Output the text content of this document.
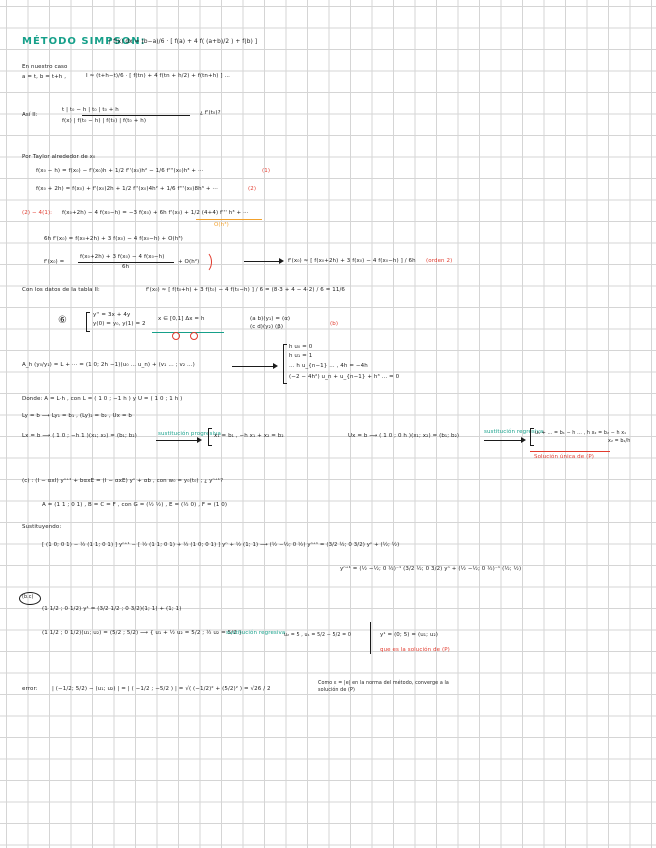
MÉTODO SIMPSON:
∫ f(x) dx ≈ (b−a)/6 · [ f(a) + 4 f( (a+b)/2 ) + f(b) ]
En nuestro caso
a = t, b = t+h ,	I ≈ (t+h−t)/6 · [ f(tn) + 4 f(tn + h/2) + f(tn+h) ] ...
Así II:
t | t₀ − h | t₀ | t₀ + h
f(x) | f(t₀ − h) | f(t₀) | f(t₀ + h)
¿ f'(t₀)?
Por Taylor alrededor de x₀
f(x₀ − h) = f(x₀) − f'(x₀)h + 1/2 f''(x₀)h² − 1/6 f'''(x₀)h³ + ···	(1)
f(x₀ + 2h) = f(x₀) + f'(x₀)2h + 1/2 f''(x₀)4h² + 1/6 f'''(x₀)8h³ + ···	(2)
(2) − 4(1): f(x₀+2h) − 4 f(x₀−h) = −3 f(x₀) + 6h f'(x₀) + 1/2 (4+4) f''' h³ + ···
O(h³)
6h f'(x₀) = f(x₀+2h) + 3 f(x₀) − 4 f(x₀−h) + O(h³)
f'(x₀) =
f(x₀+2h) + 3 f(x₀) − 4 f(x₀−h)
6h
+ O(h²)	f'(x₀) ≈ [ f(x₀+2h) + 3 f(x₀) − 4 f(x₀−h) ] / 6h (orden 2)
Con los datos de la tabla II:	f'(x₀) ≈ [ f(t₀+h) + 3 f(t₀) − 4 f(t₀−h) ] / 6 = (8·3 + 4 − 4·2) / 6 = 11/6
⑥	y'' = 3x + 4y
y(0) = y₀, y(1) = 2
x ∈ [0,1] Δx = h	(a b)(y₁) = (α)
(c d)(y₂) (β)	(b)
A_h (y₀/y₁) = L + ··· = (1 0; 2h −1)(u₀ ... u_n) + (v₁ ... ; v₂ ...)
h u₀ = 0
h u₁ = 1
... h u_{n−1} ... , 4h = −4h
(−2 − 4h²) u_n + u_{n−1} + h³ ... = 0
Donde: A = L·h , con L = ( 1 0 ; −1 h ) y U = ( 1 0 ; 1 h )
Ly = b ⟶ Ly₁ = b₁ , (Ly)₂ = b₂ , Ux = b
Lx = b ⟶ ( 1 0 ; −h 1 )(x₁; x₂) = (b₁; b₂)	sustitución progresiva
x₁ = b₁ , −h x₁ + x₂ = b₂	Ux = b ⟶ ( 1 0 ; 0 h )(x₁; x₂) = (b₁; b₂)
sustitución regresiva
u₁ + ... = b₁ − h ... , h x₂ = b₂ − h x₁
x₂ = b₂/h
Solución única de (P)
(c) : (I − αxI) yⁿ⁺¹ + bαxE = (I − αxE) yⁿ + αb , con w₀ = y₀(t₀) ; ¿ yⁿ⁺¹?
A = (1 1 ; 0 1) , B = C = F , con G = (½ ½) , E = (½ 0) , F = (1 0)
Sustituyendo:
[ (1 0; 0 1) − ½ (1 1; 0 1) ] yⁿ⁺¹ − [ ½ (1 1; 0 1) + ½ (1 0; 0 1) ] yⁿ + ½ (1; 1) ⟶ (½ −½; 0 ½) yⁿ⁺¹ = (3/2 ½; 0 3/2) yⁿ + (½; ½)
yⁿ⁺¹ = (½ −½; 0 ½)⁻¹ (3/2 ½; 0 3/2) yⁿ + (½ −½; 0 ½)⁻¹ (½; ½)
(b.c)
(1 1/2 ; 0 1/2) y¹ = (3/2 1/2 ; 0 3/2)(1; 1) + (1; 1)
(1 1/2 ; 0 1/2)(u₁; u₂) = (5/2 ; 5/2) ⟶ { u₁ + ½ u₂ = 5/2 ; ½ u₂ = 5/2 }
sustitución regresiva
u₂ = 5 , u₁ = 5/2 − 5/2 = 0	y¹ = (0; 5) = (u₁; u₂)
que es la solución de (P)
error:	| (−1/2; 5/2) − (u₁; u₂) | = | ( −1/2 ; −5/2 ) | = √( (−1/2)² + (5/2)² ) = √26 / 2
Como ε = |e| en la norma del método, converge a la solución de (P)
